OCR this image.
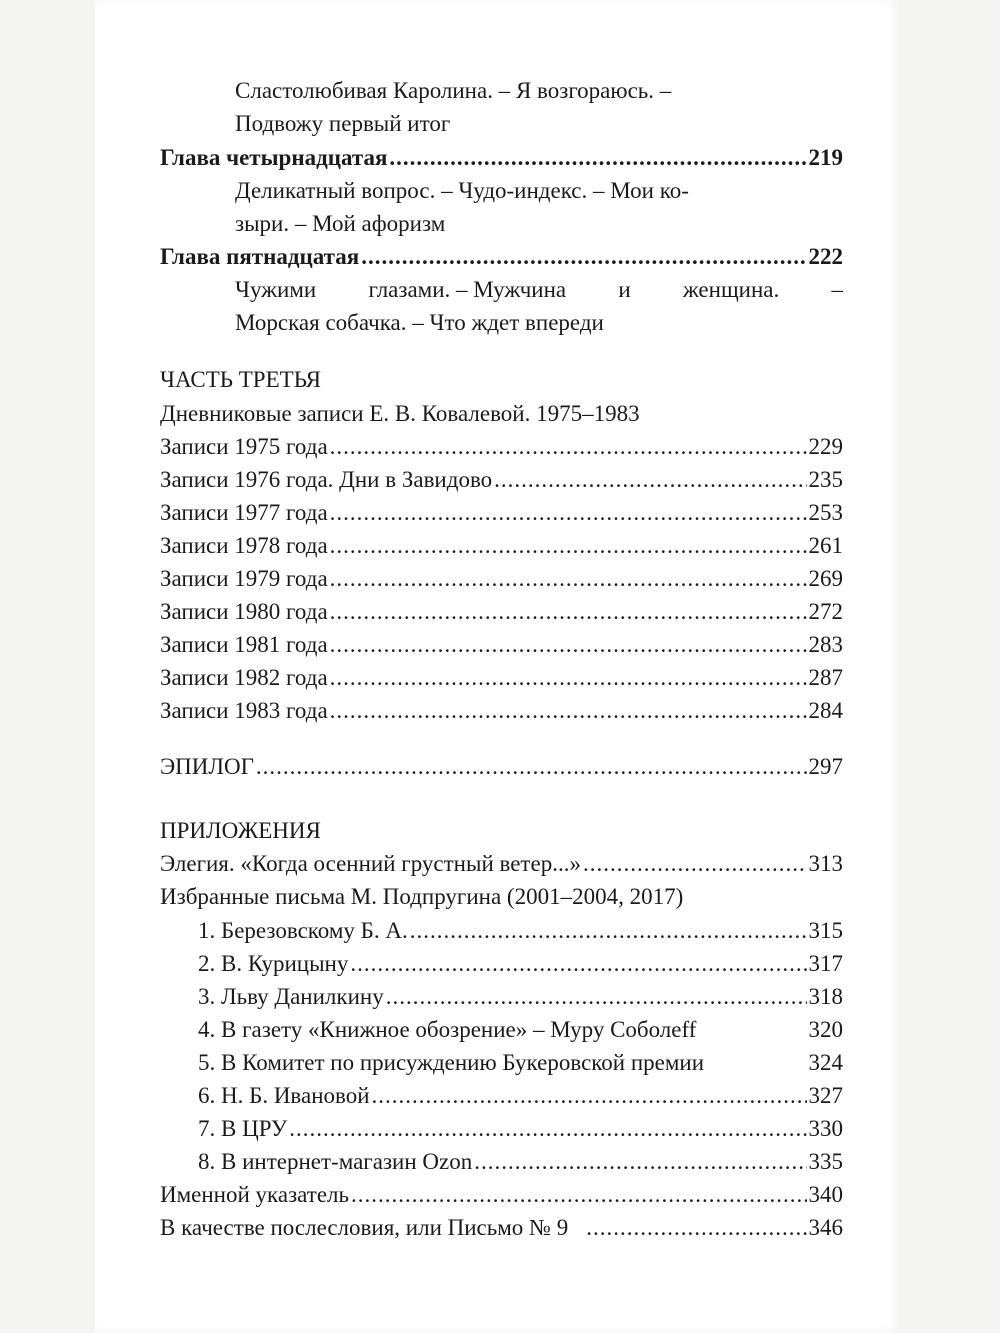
Сластолюбивая Каролина. – Я возгораюсь. –
Подвожу первый итог
Глава четырнадцатая .....	219
Деликатный вопрос. – Чудо-индекс. – Мои ко-
зыри. – Мой афоризм
Глава пятнадцатая .....	222
Чужими глазами. – Мужчина и женщина. –
Морская собачка. – Что ждет впереди
ЧАСТЬ ТРЕТЬЯ
Дневниковые записи Е. В. Ковалевой. 1975–1983
Записи 1975 года .....	229
Записи 1976 года. Дни в Завидово .....	235
Записи 1977 года .....	253
Записи 1978 года .....	261
Записи 1979 года .....	269
Записи 1980 года .....	272
Записи 1981 года .....	283
Записи 1982 года .....	287
Записи 1983 года .....	284
ЭПИЛОГ .....	297
ПРИЛОЖЕНИЯ
Элегия. «Когда осенний грустный ветер...» .....	313
Избранные письма М. Подпругина (2001–2004, 2017)
1. Березовскому Б. А. .....	315
2. В. Курицыну .....	317
3. Льву Данилкину .....	318
4. В газету «Книжное обозрение» – Муру Соболеff	320
5. В Комитет по присуждению Букеровской премии	324
6. Н. Б. Ивановой .....	327
7. В ЦРУ .....	330
8. В интернет-магазин Ozon .....	335
Именной указатель .....	340
В качестве послесловия, или Письмо № 9 .....	346
